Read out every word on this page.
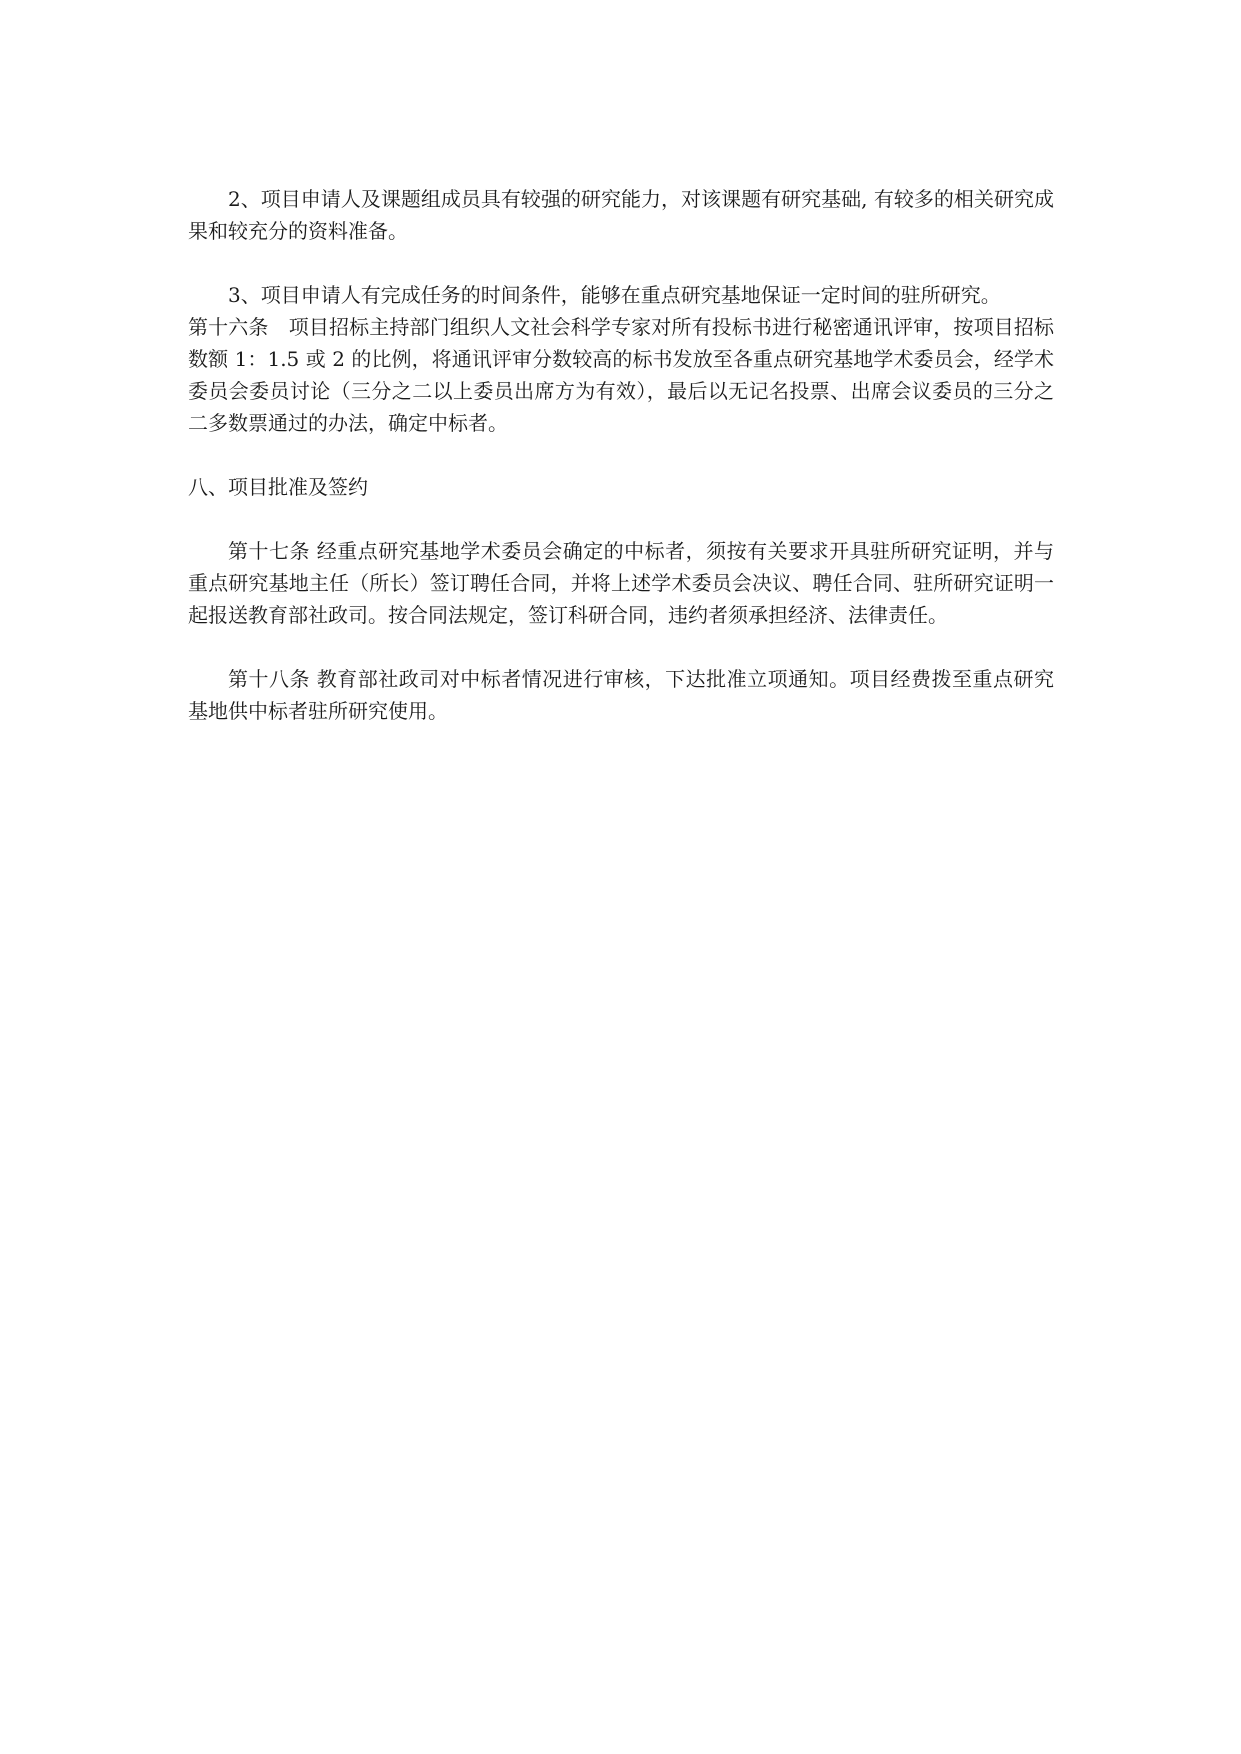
2、项目申请人及课题组成员具有较强的研究能力，对该课题有研究基础, 有较多的相关研究成果和较充分的资料准备。

3、项目申请人有完成任务的时间条件，能够在重点研究基地保证一定时间的驻所研究。

第十六条　项目招标主持部门组织人文社会科学专家对所有投标书进行秘密通讯评审，按项目招标数额 1：1.5 或 2 的比例，将通讯评审分数较高的标书发放至各重点研究基地学术委员会，经学术委员会委员讨论（三分之二以上委员出席方为有效），最后以无记名投票、出席会议委员的三分之二多数票通过的办法，确定中标者。

八、项目批准及签约

第十七条 经重点研究基地学术委员会确定的中标者，须按有关要求开具驻所研究证明，并与重点研究基地主任（所长）签订聘任合同，并将上述学术委员会决议、聘任合同、驻所研究证明一起报送教育部社政司。按合同法规定，签订科研合同，违约者须承担经济、法律责任。

第十八条 教育部社政司对中标者情况进行审核，下达批准立项通知。项目经费拨至重点研究基地供中标者驻所研究使用。
